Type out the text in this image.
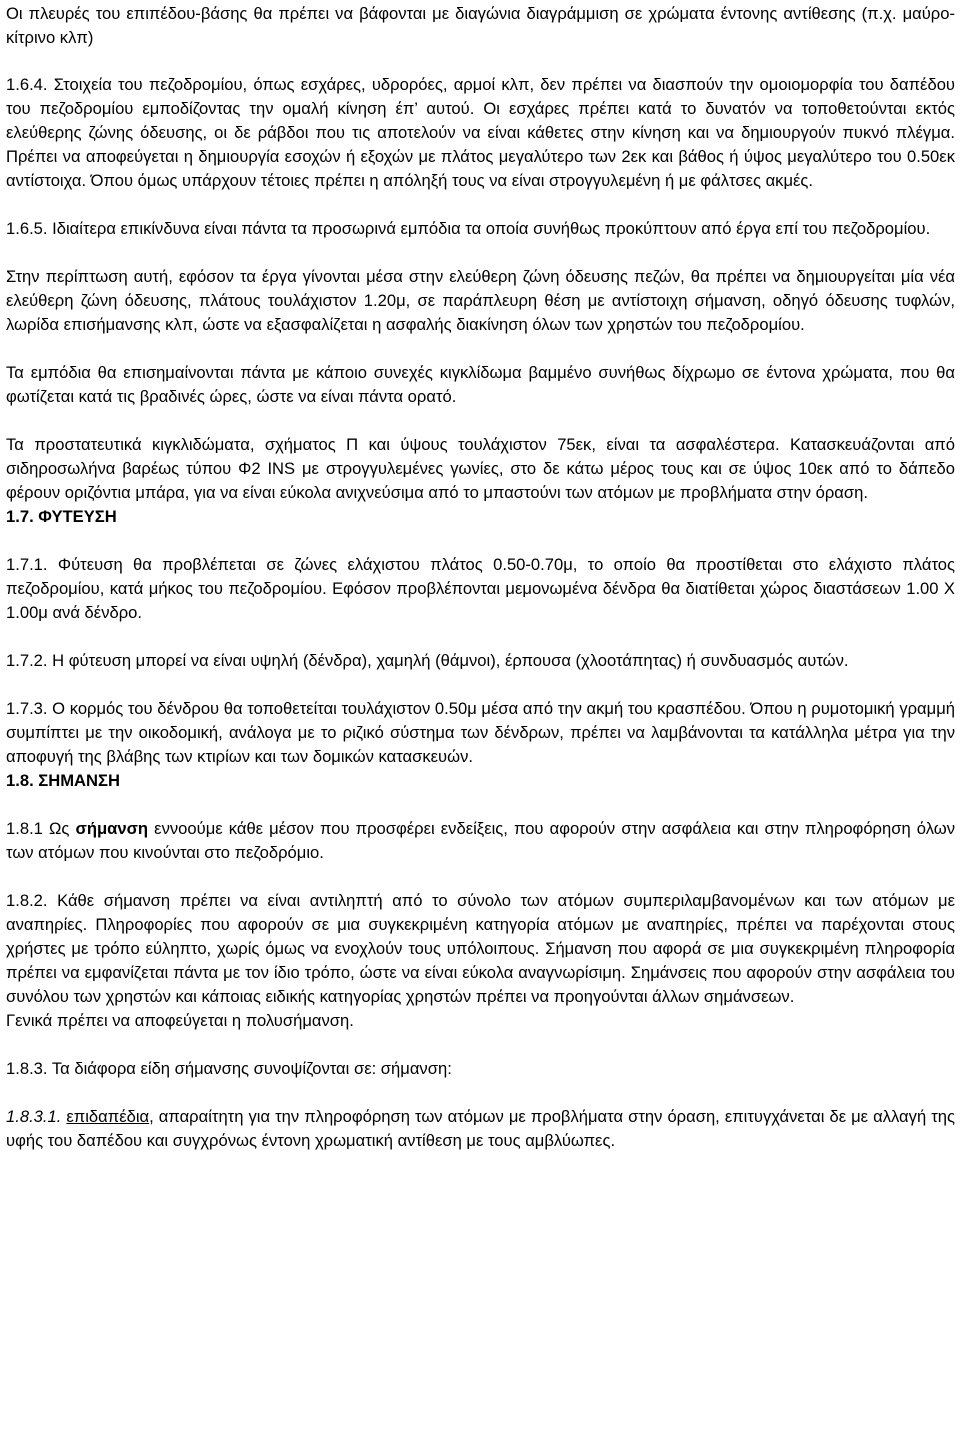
Οι πλευρές του επιπέδου-βάσης θα πρέπει να βάφονται με διαγώνια διαγράμμιση σε χρώματα έντονης αντίθεσης (π.χ. μαύρο-κίτρινο κλπ)

1.6.4. Στοιχεία του πεζοδρομίου, όπως εσχάρες, υδρορόες, αρμοί κλπ, δεν πρέπει να διασπούν την ομοιομορφία του δαπέδου του πεζοδρομίου εμποδίζοντας την ομαλή κίνηση έπ’ αυτού. Οι εσχάρες πρέπει κατά το δυνατόν να τοποθετούνται εκτός ελεύθερης ζώνης όδευσης, οι δε ράβδοι που τις αποτελούν να είναι κάθετες στην κίνηση και να δημιουργούν πυκνό πλέγμα. Πρέπει να αποφεύγεται η δημιουργία εσοχών ή εξοχών με πλάτος μεγαλύτερο των 2εκ και βάθος ή ύψος μεγαλύτερο του 0.50εκ αντίστοιχα. Όπου όμως υπάρχουν τέτοιες πρέπει η απόληξή τους να είναι στρογγυλεμένη ή με φάλτσες ακμές.

1.6.5. Ιδιαίτερα επικίνδυνα είναι πάντα τα προσωρινά εμπόδια τα οποία συνήθως προκύπτουν από έργα επί του πεζοδρομίου.

Στην περίπτωση αυτή, εφόσον τα έργα γίνονται μέσα στην ελεύθερη ζώνη όδευσης πεζών, θα πρέπει να δημιουργείται μία νέα ελεύθερη ζώνη όδευσης, πλάτους τουλάχιστον 1.20μ, σε παράπλευρη θέση με αντίστοιχη σήμανση, οδηγό όδευσης τυφλών, λωρίδα επισήμανσης κλπ, ώστε να εξασφαλίζεται η ασφαλής διακίνηση όλων των χρηστών του πεζοδρομίου.

Τα εμπόδια θα επισημαίνονται πάντα με κάποιο συνεχές κιγκλίδωμα βαμμένο συνήθως δίχρωμο σε έντονα χρώματα, που θα φωτίζεται κατά τις βραδινές ώρες, ώστε να είναι πάντα ορατό.

Τα προστατευτικά κιγκλιδώματα, σχήματος Π και ύψους τουλάχιστον 75εκ, είναι τα ασφαλέστερα. Κατασκευάζονται από σιδηροσωλήνα βαρέως τύπου Φ2 INS με στρογγυλεμένες γωνίες, στο δε κάτω μέρος τους και σε ύψος 10εκ από το δάπεδο φέρουν οριζόντια μπάρα, για να είναι εύκολα ανιχνεύσιμα από το μπαστούνι των ατόμων με προβλήματα στην όραση.

1.7. ΦΥΤΕΥΣΗ

1.7.1. Φύτευση θα προβλέπεται σε ζώνες ελάχιστου πλάτος 0.50-0.70μ, το οποίο θα προστίθεται στο ελάχιστο πλάτος πεζοδρομίου, κατά μήκος του πεζοδρομίου. Εφόσον προβλέπονται μεμονωμένα δένδρα θα διατίθεται χώρος διαστάσεων 1.00 Χ 1.00μ ανά δένδρο.

1.7.2. Η φύτευση μπορεί να είναι υψηλή (δένδρα), χαμηλή (θάμνοι), έρπουσα (χλοοτάπητας) ή συνδυασμός αυτών.

1.7.3. Ο κορμός του δένδρου θα τοποθετείται τουλάχιστον 0.50μ μέσα από την ακμή του κρασπέδου. Όπου η ρυμοτομική γραμμή συμπίπτει με την οικοδομική, ανάλογα με το ριζικό σύστημα των δένδρων, πρέπει να λαμβάνονται τα κατάλληλα μέτρα για την αποφυγή της βλάβης των κτιρίων και των δομικών κατασκευών.

1.8. ΣΗΜΑΝΣΗ

1.8.1 Ως σήμανση εννοούμε κάθε μέσον που προσφέρει ενδείξεις, που αφορούν στην ασφάλεια και στην πληροφόρηση όλων των ατόμων που κινούνται στο πεζοδρόμιο.

1.8.2. Κάθε σήμανση πρέπει να είναι αντιληπτή από το σύνολο των ατόμων συμπεριλαμβανομένων και των ατόμων με αναπηρίες. Πληροφορίες που αφορούν σε μια συγκεκριμένη κατηγορία ατόμων με αναπηρίες, πρέπει να παρέχονται στους χρήστες με τρόπο εύληπτο, χωρίς όμως να ενοχλούν τους υπόλοιπους. Σήμανση που αφορά σε μια συγκεκριμένη πληροφορία πρέπει να εμφανίζεται πάντα με τον ίδιο τρόπο, ώστε να είναι εύκολα αναγνωρίσιμη. Σημάνσεις που αφορούν στην ασφάλεια του συνόλου των χρηστών και κάποιας ειδικής κατηγορίας χρηστών πρέπει να προηγούνται άλλων σημάνσεων.

Γενικά πρέπει να αποφεύγεται η πολυσήμανση.

1.8.3. Τα διάφορα είδη σήμανσης συνοψίζονται σε: σήμανση:

1.8.3.1. επιδαπέδια, απαραίτητη για την πληροφόρηση των ατόμων με προβλήματα στην όραση, επιτυγχάνεται δε με αλλαγή της υφής του δαπέδου και συγχρόνως έντονη χρωματική αντίθεση με τους αμβλύωπες.
